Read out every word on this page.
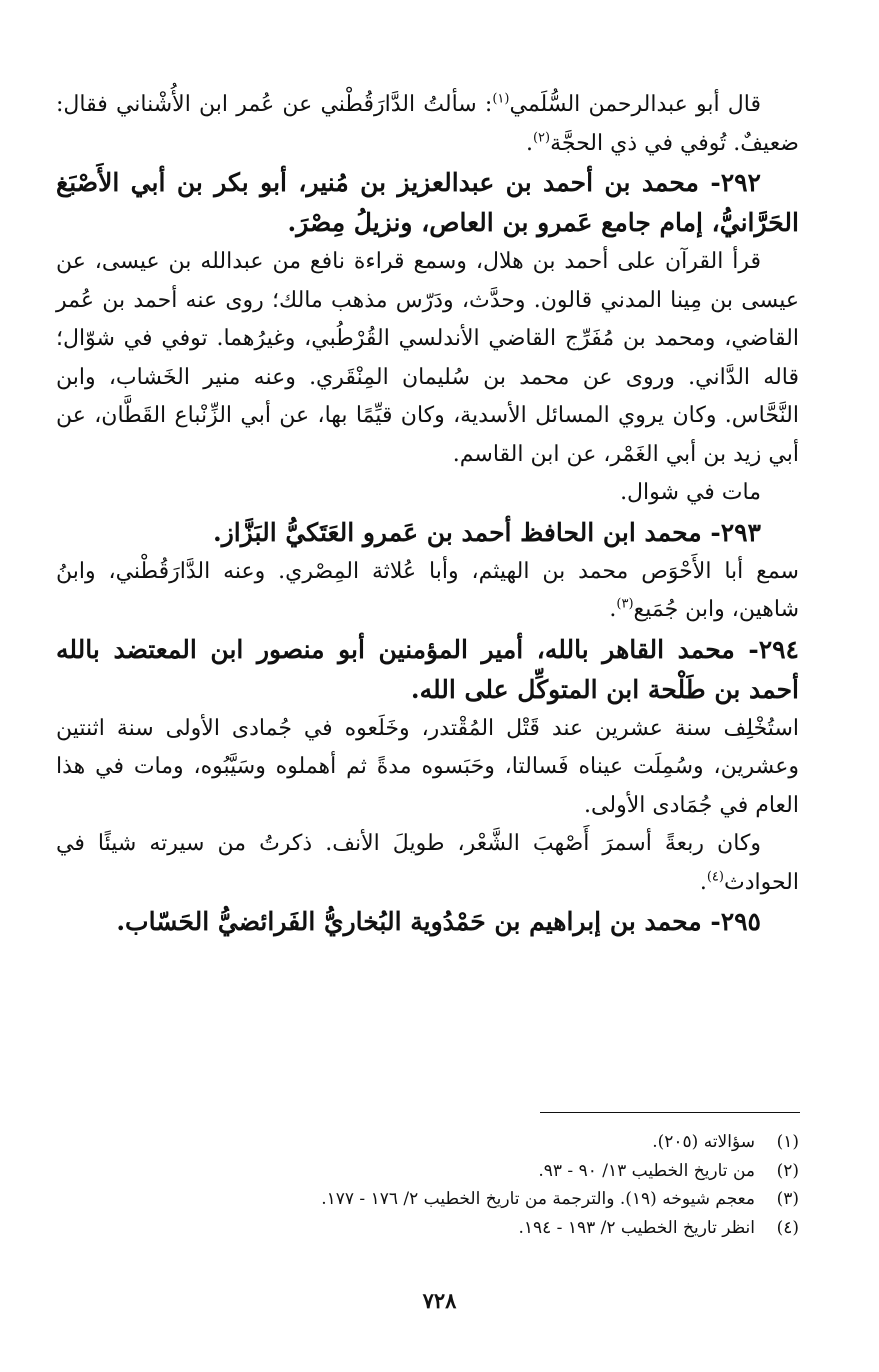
قال أبو عبدالرحمن السُّلَمي$^{(١)}$: سألتُ الدَّارَقُطْني عن عُمر ابن الأُشْناني فقال: ضعيفٌ. تُوفي في ذي الحجَّة$^{(٢)}$.

٢٩٢- محمد بن أحمد بن عبدالعزيز بن مُنير، أبو بكر بن أبي الأَصْبَغ الحَرَّانيُّ، إمام جامع عَمرو بن العاص، ونزيلُ مِصْرَ.

قرأ القرآن على أحمد بن هلال، وسمع قراءة نافع من عبدالله بن عيسى، عن عيسى بن مِينا المدني قالون. وحدَّث، ودَرّس مذهب مالك؛ روى عنه أحمد بن عُمر القاضي، ومحمد بن مُفَرِّج القاضي الأندلسي القُرْطُبي، وغيرُهما. توفي في شوّال؛ قاله الدَّاني. وروى عن محمد بن سُليمان المِنْقَري. وعنه منير الخَشاب، وابن النَّحَّاس. وكان يروي المسائل الأسدية، وكان قيِّمًا بها، عن أبي الزِّنْباع القَطَّان، عن أبي زيد بن أبي الغَمْر، عن ابن القاسم.

مات في شوال.

٢٩٣- محمد ابن الحافظ أحمد بن عَمرو العَتَكيُّ البَزَّاز.

سمع أبا الأَحْوَص محمد بن الهيثم، وأبا عُلاثة المِصْري. وعنه الدَّارَقُطْني، وابنُ شاهين، وابن جُمَيع$^{(٣)}$.

٢٩٤- محمد القاهر بالله، أمير المؤمنين أبو منصور ابن المعتضد بالله أحمد بن طَلْحة ابن المتوكِّل على الله.

استُخْلِف سنة عشرين عند قَتْل المُقْتدر، وخَلَعوه في جُمادى الأولى سنة اثنتين وعشرين، وسُمِلَت عيناه فَسالتا، وحَبَسوه مدةً ثم أهملوه وسَيَّبُوه، ومات في هذا العام في جُمَادى الأولى.

وكان ربعةً أسمرَ أَصْهبَ الشَّعْر، طويلَ الأنف. ذكرتُ من سيرته شيئًا في الحوادث$^{(٤)}$.

٢٩٥- محمد بن إبراهيم بن حَمْدُوية البُخاريُّ الفَرائضيُّ الحَسّاب.

(١)
سؤالاته (٢٠٥).
(٢)
من تاريخ الخطيب ١٣/ ٩٠ - ٩٣.
(٣)
معجم شيوخه (١٩). والترجمة من تاريخ الخطيب ٢/ ١٧٦ - ١٧٧.
(٤)
انظر تاريخ الخطيب ٢/ ١٩٣ - ١٩٤.
٧٢٨
